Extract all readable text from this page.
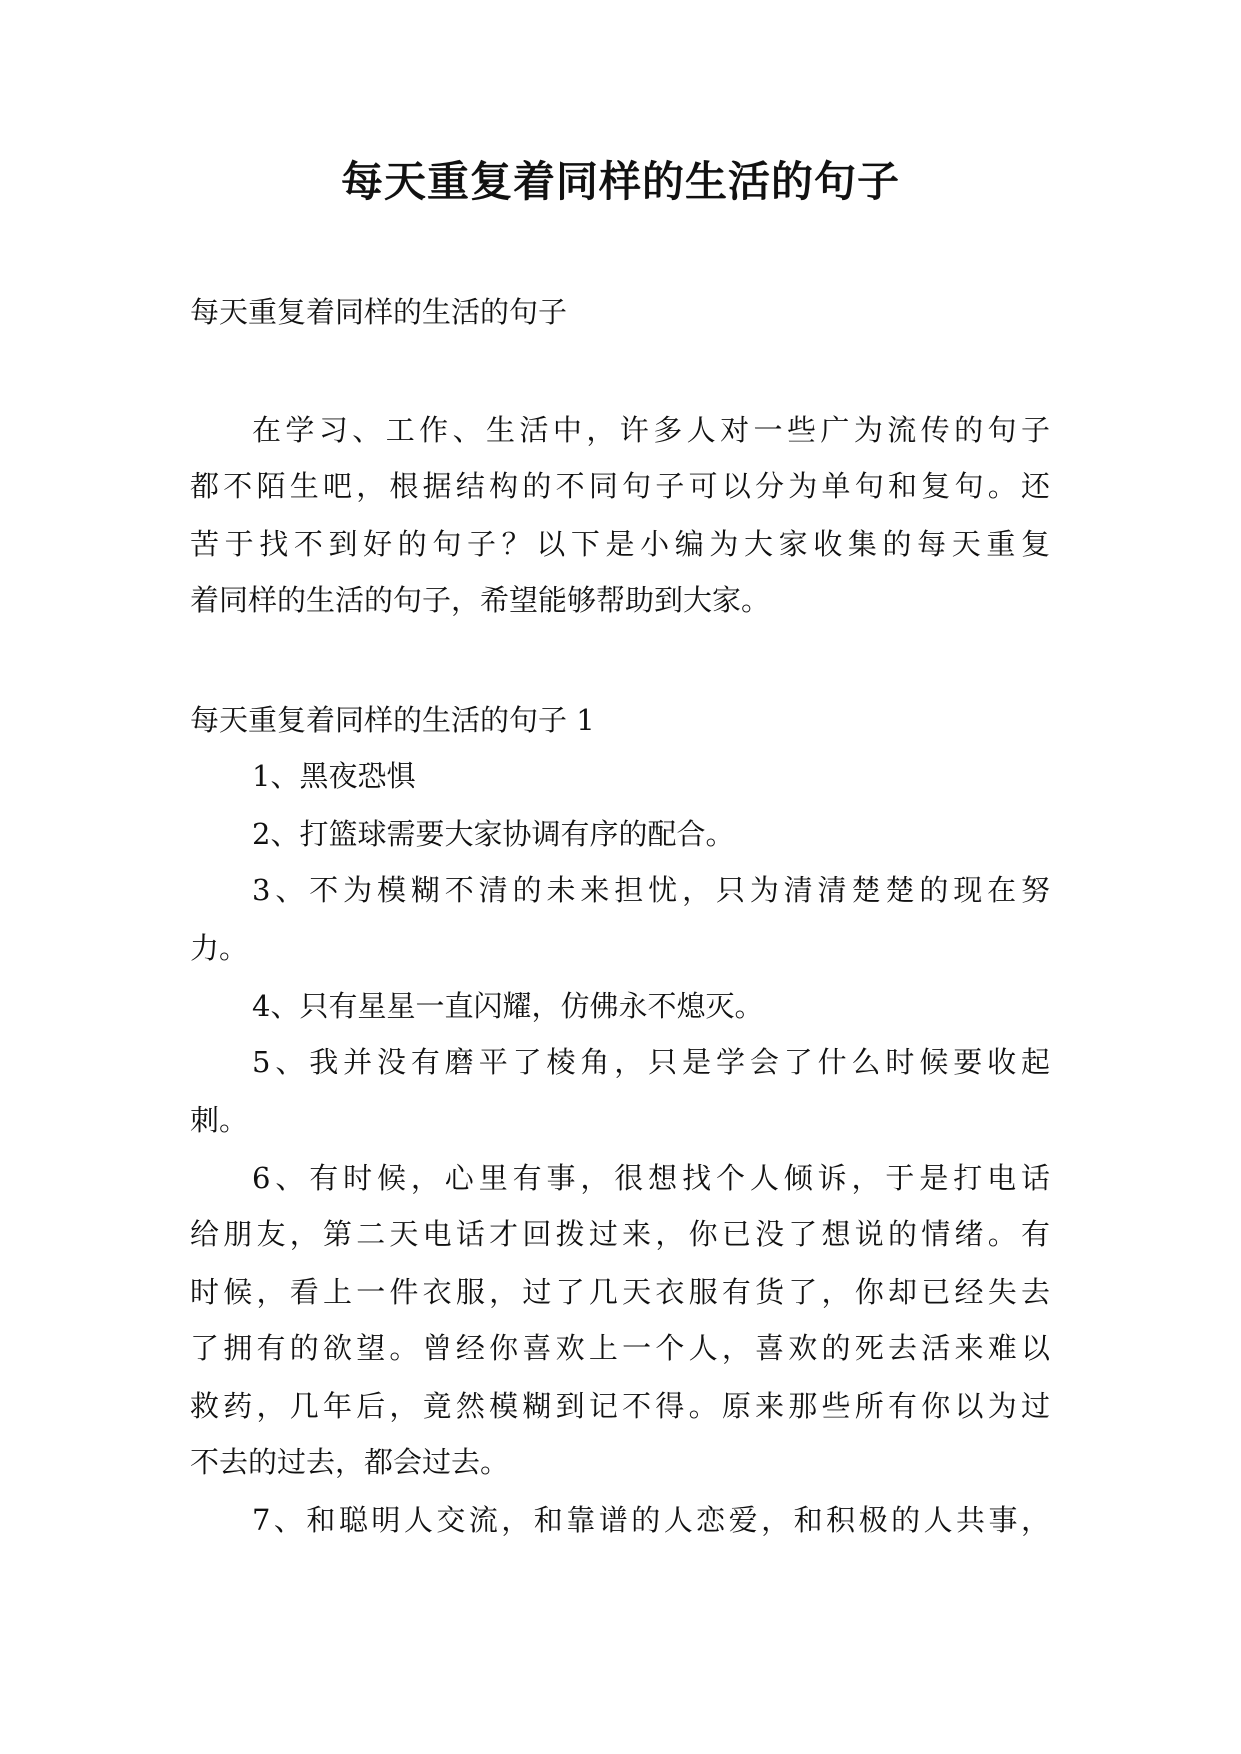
每天重复着同样的生活的句子

每天重复着同样的生活的句子

在学习、工作、生活中，许多人对一些广为流传的句子

都不陌生吧，根据结构的不同句子可以分为单句和复句。还

苦于找不到好的句子？以下是小编为大家收集的每天重复

着同样的生活的句子，希望能够帮助到大家。

每天重复着同样的生活的句子 1

1、黑夜恐惧

2、打篮球需要大家协调有序的配合。

3、不为模糊不清的未来担忧，只为清清楚楚的现在努

力。

4、只有星星一直闪耀，仿佛永不熄灭。

5、我并没有磨平了棱角，只是学会了什么时候要收起

刺。

6、有时候，心里有事，很想找个人倾诉，于是打电话

给朋友，第二天电话才回拨过来，你已没了想说的情绪。有

时候，看上一件衣服，过了几天衣服有货了，你却已经失去

了拥有的欲望。曾经你喜欢上一个人，喜欢的死去活来难以

救药，几年后，竟然模糊到记不得。原来那些所有你以为过

不去的过去，都会过去。

7、和聪明人交流，和靠谱的人恋爱，和积极的人共事，
